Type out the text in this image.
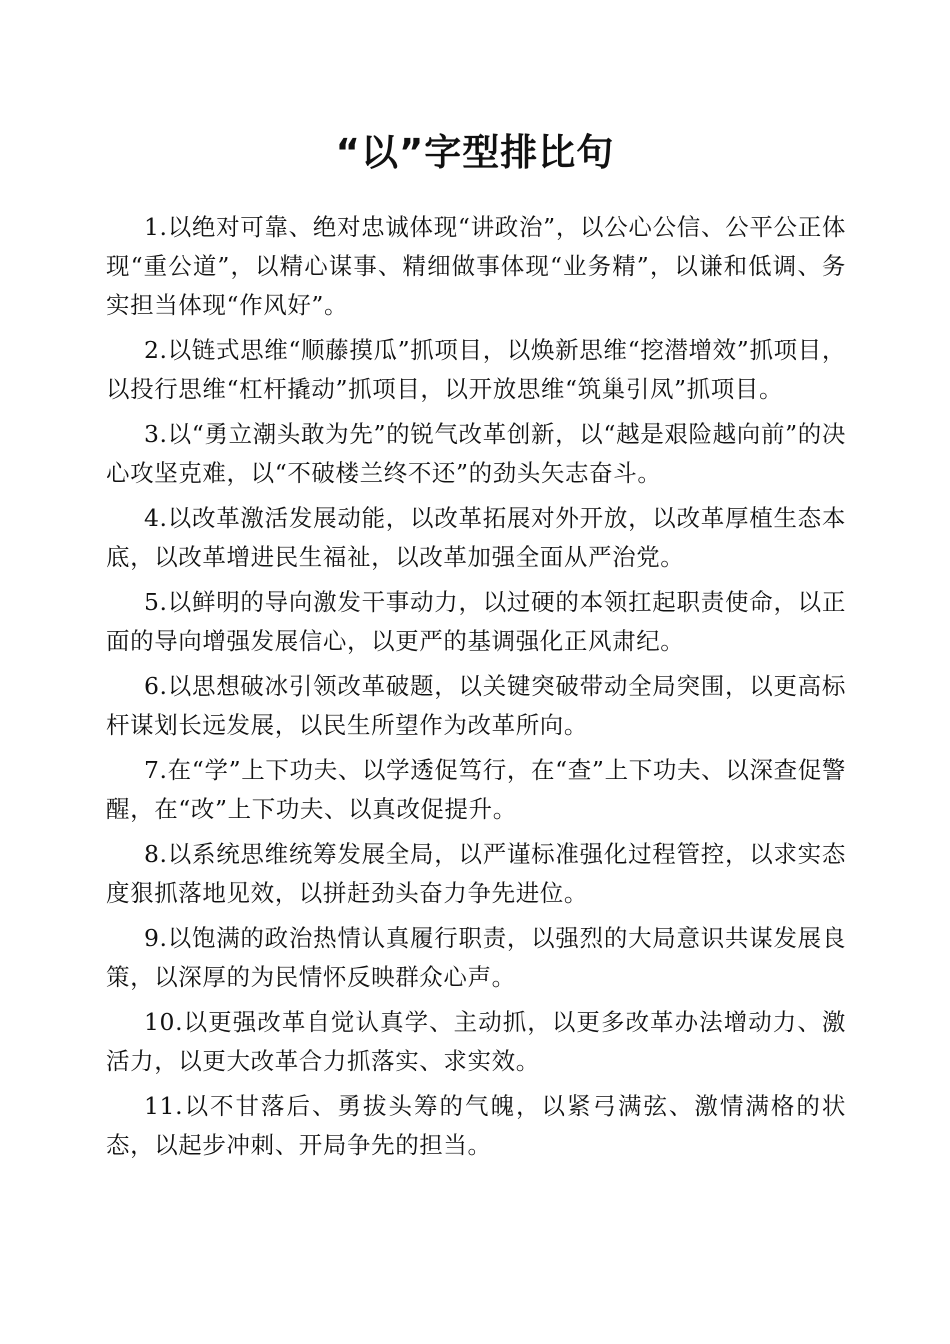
“以”字型排比句

1.以绝对可靠、绝对忠诚体现“讲政治”，以公心公信、公平公正体现“重公道”，以精心谋事、精细做事体现“业务精”，以谦和低调、务实担当体现“作风好”。

2.以链式思维“顺藤摸瓜”抓项目，以焕新思维“挖潜增效”抓项目，以投行思维“杠杆撬动”抓项目，以开放思维“筑巢引凤”抓项目。

3.以“勇立潮头敢为先”的锐气改革创新，以“越是艰险越向前”的决心攻坚克难，以“不破楼兰终不还”的劲头矢志奋斗。

4.以改革激活发展动能，以改革拓展对外开放，以改革厚植生态本底，以改革增进民生福祉，以改革加强全面从严治党。

5.以鲜明的导向激发干事动力，以过硬的本领扛起职责使命，以正面的导向增强发展信心，以更严的基调强化正风肃纪。

6.以思想破冰引领改革破题，以关键突破带动全局突围，以更高标杆谋划长远发展，以民生所望作为改革所向。

7.在“学”上下功夫、以学透促笃行，在“查”上下功夫、以深查促警醒，在“改”上下功夫、以真改促提升。

8.以系统思维统筹发展全局，以严谨标准强化过程管控，以求实态度狠抓落地见效，以拼赶劲头奋力争先进位。

9.以饱满的政治热情认真履行职责，以强烈的大局意识共谋发展良策，以深厚的为民情怀反映群众心声。

10.以更强改革自觉认真学、主动抓，以更多改革办法增动力、激活力，以更大改革合力抓落实、求实效。

11.以不甘落后、勇拔头筹的气魄，以紧弓满弦、激情满格的状态，以起步冲刺、开局争先的担当。
